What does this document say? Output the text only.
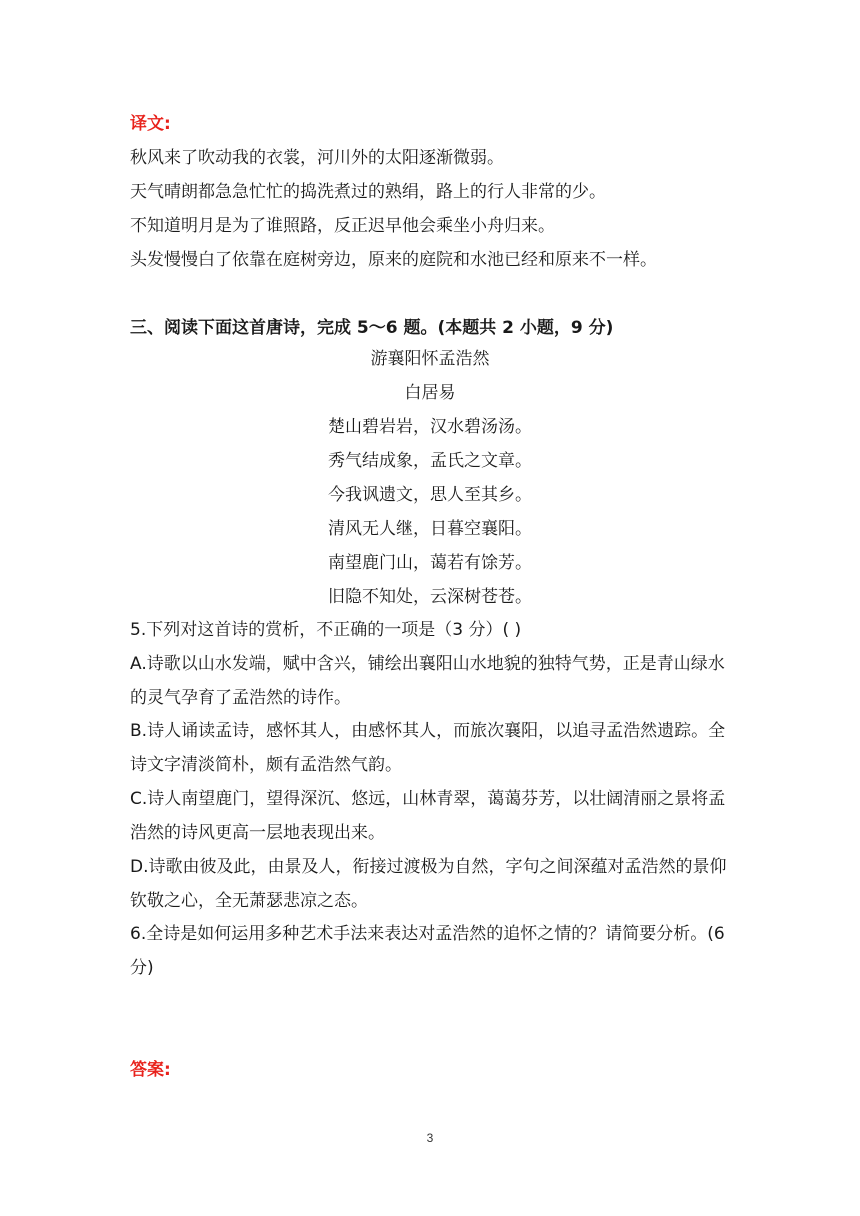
译文:
秋风来了吹动我的衣裳，河川外的太阳逐渐微弱。
天气晴朗都急急忙忙的捣洗煮过的熟绢，路上的行人非常的少。
不知道明月是为了谁照路，反正迟早他会乘坐小舟归来。
头发慢慢白了依靠在庭树旁边，原来的庭院和水池已经和原来不一样。
三、阅读下面这首唐诗，完成 5～6 题。(本题共 2 小题，9 分)
游襄阳怀孟浩然
白居易
楚山碧岩岩，汉水碧汤汤。
秀气结成象，孟氏之文章。
今我讽遗文，思人至其乡。
清风无人继，日暮空襄阳。
南望鹿门山，蔼若有馀芳。
旧隐不知处，云深树苍苍。
5.下列对这首诗的赏析，不正确的一项是（3 分）( )
A.诗歌以山水发端，赋中含兴，铺绘出襄阳山水地貌的独特气势，正是青山绿水
的灵气孕育了孟浩然的诗作。
B.诗人诵读孟诗，感怀其人，由感怀其人，而旅次襄阳，以追寻孟浩然遗踪。全
诗文字清淡简朴，颇有孟浩然气韵。
C.诗人南望鹿门，望得深沉、悠远，山林青翠，蔼蔼芬芳，以壮阔清丽之景将孟
浩然的诗风更高一层地表现出来。
D.诗歌由彼及此，由景及人，衔接过渡极为自然，字句之间深蕴对孟浩然的景仰
钦敬之心，全无萧瑟悲凉之态。
6.全诗是如何运用多种艺术手法来表达对孟浩然的追怀之情的？请简要分析。(6
分)
答案:
3
